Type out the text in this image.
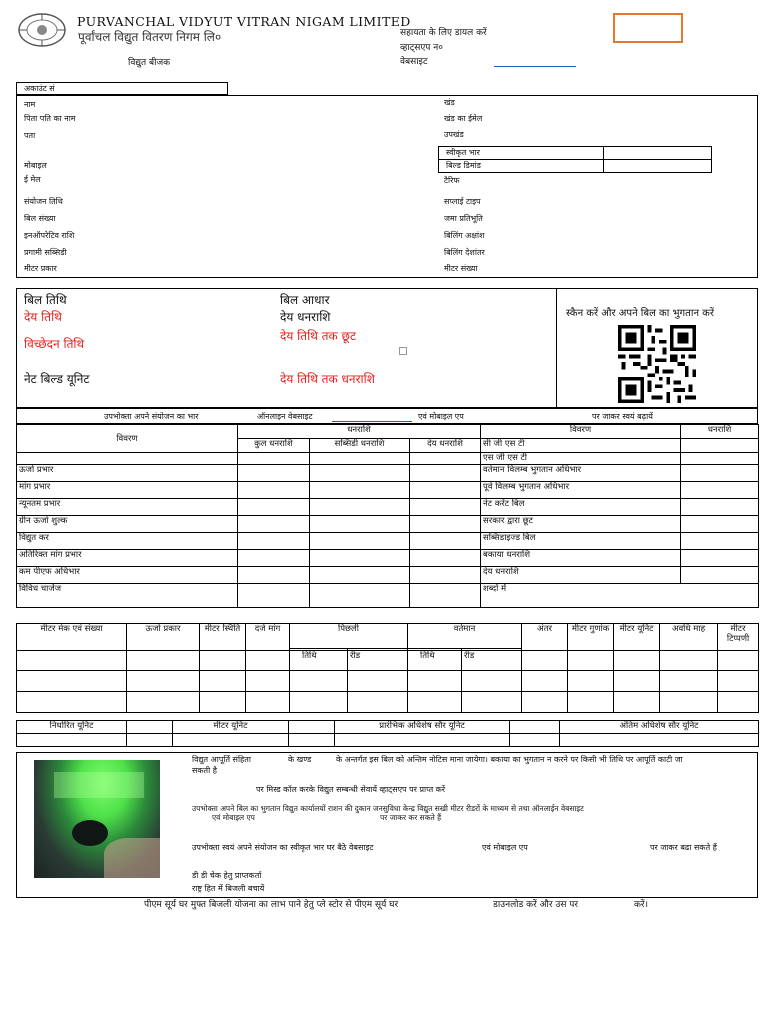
PURVANCHAL VIDYUT VITRAN NIGAM LIMITED
पूर्वांचल विद्युत वितरण निगम लि०
विद्युत बीजक
सहायता के लिए डायल करें
व्हाट्सएप न०
वेबसाइट
अकाउंट सं
नाम
पिता पति का नाम
पता
मोबाइल
ई मेल
संयोजन तिथि
बिल संख्या
इनऑपरेटिव राशि
प्रगामी सब्सिडी
मीटर प्रकार
खंड
खंड का ईमेल
उपखंड
स्वीकृत भार
बिल्ड डिमांड
टैरिफ
सप्लाई टाइप
जमा प्रतिभूति
बिलिंग अक्षांश
बिलिंग देशांतर
मीटर संख्या
बिल तिथि	बिल आधार
देय तिथि	देय धनराशि
देय तिथि तक छूट
विच्छेदन तिथि
नेट बिल्ड यूनिट	देय तिथि तक धनराशि
स्कैन करें और अपने बिल का भुगतान करें
उपभोक्ता अपने संयोजन का भार	ऑनलाइन वेबसाइट	एवं मोबाइल एप	पर जाकर स्वयं बढ़ायें
विवरण	धनराशि			विवरण	धनराशि
	कुल धनराशि	सब्सिडी धनराशि	देय धनराशि	सी जी एस टी	
				एस जी एस टी	
ऊर्जा प्रभार				वर्तमान विलम्ब भुगतान अधिभार	
मांग प्रभार				पूर्व विलम्ब भुगतान अधिभार	
न्यूनतम प्रभार				नेट करेंट बिल	
ग्रीन ऊर्जा शुल्क				सरकार द्वारा छूट	
विद्युत कर				सब्सिडाइज्ड बिल	
अतिरिक्त मांग प्रभार				बकाया धनराशि	
कम पीएफ अधिभार				देय धनराशि	
विविध चार्जेज				शब्दों में	
मीटर मेक एवं संख्या	ऊर्जा प्रकार	मीटर स्थिति	दर्ज मांग	पिछली		वर्तमान		अंतर	मीटर गुणांक	मीटर यूनिट	अवधि माह	मीटर टिप्पणी

				तिथि	रीड	तिथि	रीड					

निर्धारित यूनिट		मीटर यूनिट		प्रारंभिक अधिशेष सौर यूनिट		अंतिम अधिशेष सौर यूनिट

विद्युत आपूर्ति संहिता	के खण्ड	के अन्तर्गत इस बिल को अन्तिम नोटिस माना जायेगा। बकाया का भुगतान न करने पर किसी भी तिथि पर आपूर्ति काटी जा
सकती है
पर मिस्ड कॉल करके विद्युत सम्बन्धी सेवायें व्हाट्सएप पर प्राप्त करें
उपभोक्ता अपने बिल का भुगतान विद्युत कार्यालयों राशन की दुकान जनसुविधा केन्द्र विद्युत सखी मीटर रीडरों के माध्यम से तथा ऑनलाईन वेबसाइट
एवं मोबाइल एप	पर जाकर कर सकते हैं
उपभोक्ता स्वयं अपने संयोजन का स्वीकृत भार घर बैठे वेबसाइट	एवं मोबाइल एप	पर जाकर बढा सकते हैं
डी डी चेक हेतु प्राप्तकर्ता
राष्ट्र हित में बिजली बचायें
पीएम सूर्य घर मुफ्त बिजली योजना का लाभ पाने हेतु प्ले स्टोर से पीएम सूर्य घर	डाउनलोड करें और उस पर	करें।
